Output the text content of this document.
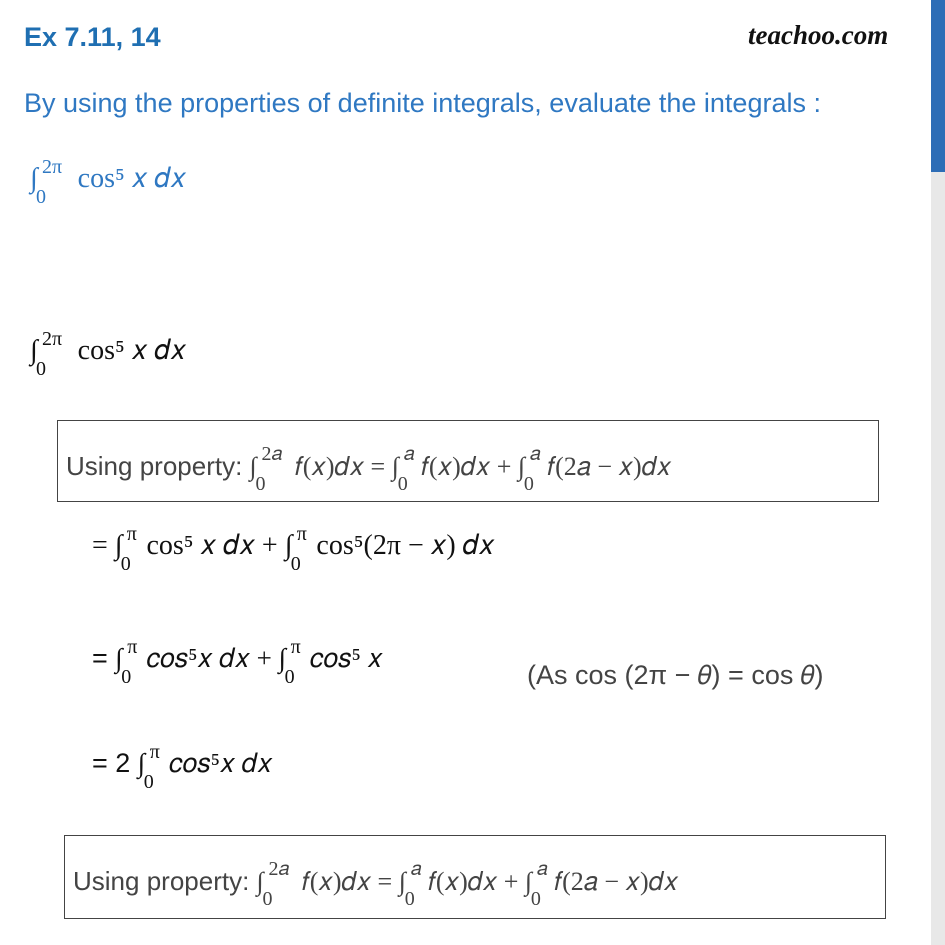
Ex 7.11, 14	teachoo.com
By using the properties of definite integrals, evaluate the integrals :
∫ 2π
0
cos⁵ 𝑥 𝑑𝑥
∫ 2π
0
cos⁵ 𝑥 𝑑𝑥
Using property: ∫ 2𝑎
0
𝑓(𝑥)𝑑𝑥 = ∫ 𝑎
0
𝑓(𝑥)𝑑𝑥 + ∫ 𝑎
0
𝑓(2𝑎 − 𝑥)𝑑𝑥
= ∫ π
0
cos⁵ 𝑥 𝑑𝑥 + ∫ π
0
cos⁵(2π − 𝑥) 𝑑𝑥
= ∫ π
0
𝑐𝑜𝑠⁵𝑥 𝑑𝑥 + ∫ π
0
𝑐𝑜𝑠⁵ 𝑥
(As cos (2π − 𝜃) = cos 𝜃)
= 2 ∫ π
0
𝑐𝑜𝑠⁵𝑥 𝑑𝑥
Using property: ∫ 2𝑎
0
𝑓(𝑥)𝑑𝑥 = ∫ 𝑎
0
𝑓(𝑥)𝑑𝑥 + ∫ 𝑎
0
𝑓(2𝑎 − 𝑥)𝑑𝑥
